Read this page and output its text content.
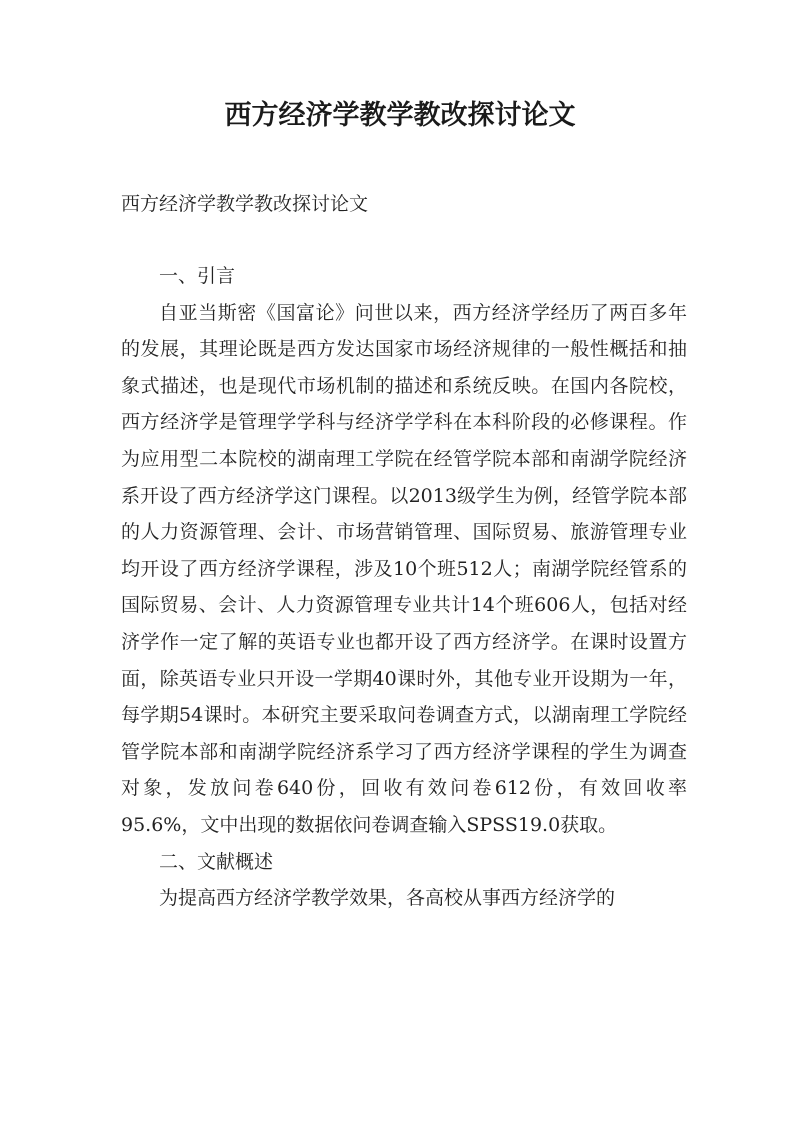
西方经济学教学教改探讨论文
西方经济学教学教改探讨论文

一、引言

自亚当斯密《国富论》问世以来，西方经济学经历了两百多年的发展，其理论既是西方发达国家市场经济规律的一般性概括和抽象式描述，也是现代市场机制的描述和系统反映。在国内各院校，西方经济学是管理学学科与经济学学科在本科阶段的必修课程。作为应用型二本院校的湖南理工学院在经管学院本部和南湖学院经济系开设了西方经济学这门课程。以2013级学生为例，经管学院本部的人力资源管理、会计、市场营销管理、国际贸易、旅游管理专业均开设了西方经济学课程，涉及10个班512人；南湖学院经管系的国际贸易、会计、人力资源管理专业共计14个班606人，包括对经济学作一定了解的英语专业也都开设了西方经济学。在课时设置方面，除英语专业只开设一学期40课时外，其他专业开设期为一年，每学期54课时。本研究主要采取问卷调查方式，以湖南理工学院经管学院本部和南湖学院经济系学习了西方经济学课程的学生为调查对象，发放问卷640份，回收有效问卷612份，有效回收率95.6%，文中出现的数据依问卷调查输入SPSS19.0获取。

二、文献概述

为提高西方经济学教学效果，各高校从事西方经济学的
